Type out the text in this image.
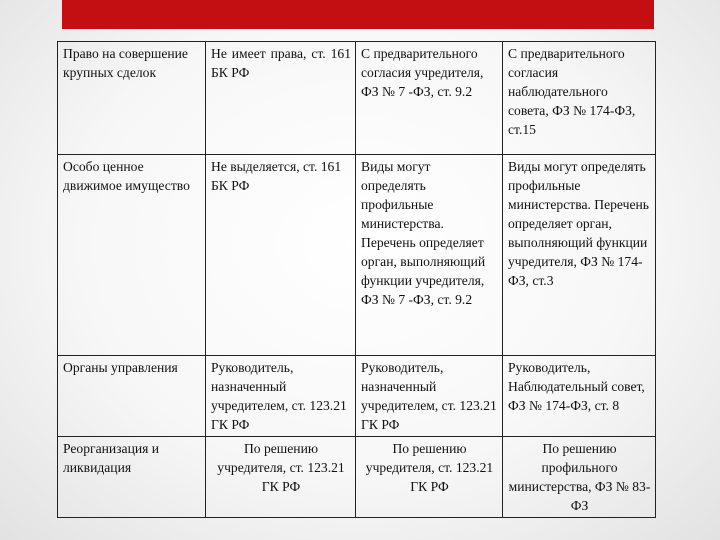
Право на совершение крупных сделок	Не имеет права, ст. 161 БК РФ	С предварительного согласия учредителя, ФЗ № 7 -ФЗ, ст. 9.2	С предварительного согласия наблюдательного совета, ФЗ № 174-ФЗ, ст.15
Особо ценное движимое имущество	Не выделяется, ст. 161 БК РФ	Виды могут определять профильные министерства. Перечень определяет орган, выполняющий функции учредителя, ФЗ № 7 -ФЗ, ст. 9.2	Виды могут определять профильные министерства. Перечень определяет орган, выполняющий функции учредителя, ФЗ № 174-ФЗ, ст.3
Органы управления	Руководитель, назначенный учредителем, ст. 123.21 ГК РФ	Руководитель, назначенный учредителем, ст. 123.21 ГК РФ	Руководитель, Наблюдательный совет, ФЗ № 174-ФЗ, ст. 8
Реорганизация и ликвидация	По решению учредителя, ст. 123.21 ГК РФ	По решению учредителя, ст. 123.21 ГК РФ	По решению профильного министерства, ФЗ № 83-ФЗ
